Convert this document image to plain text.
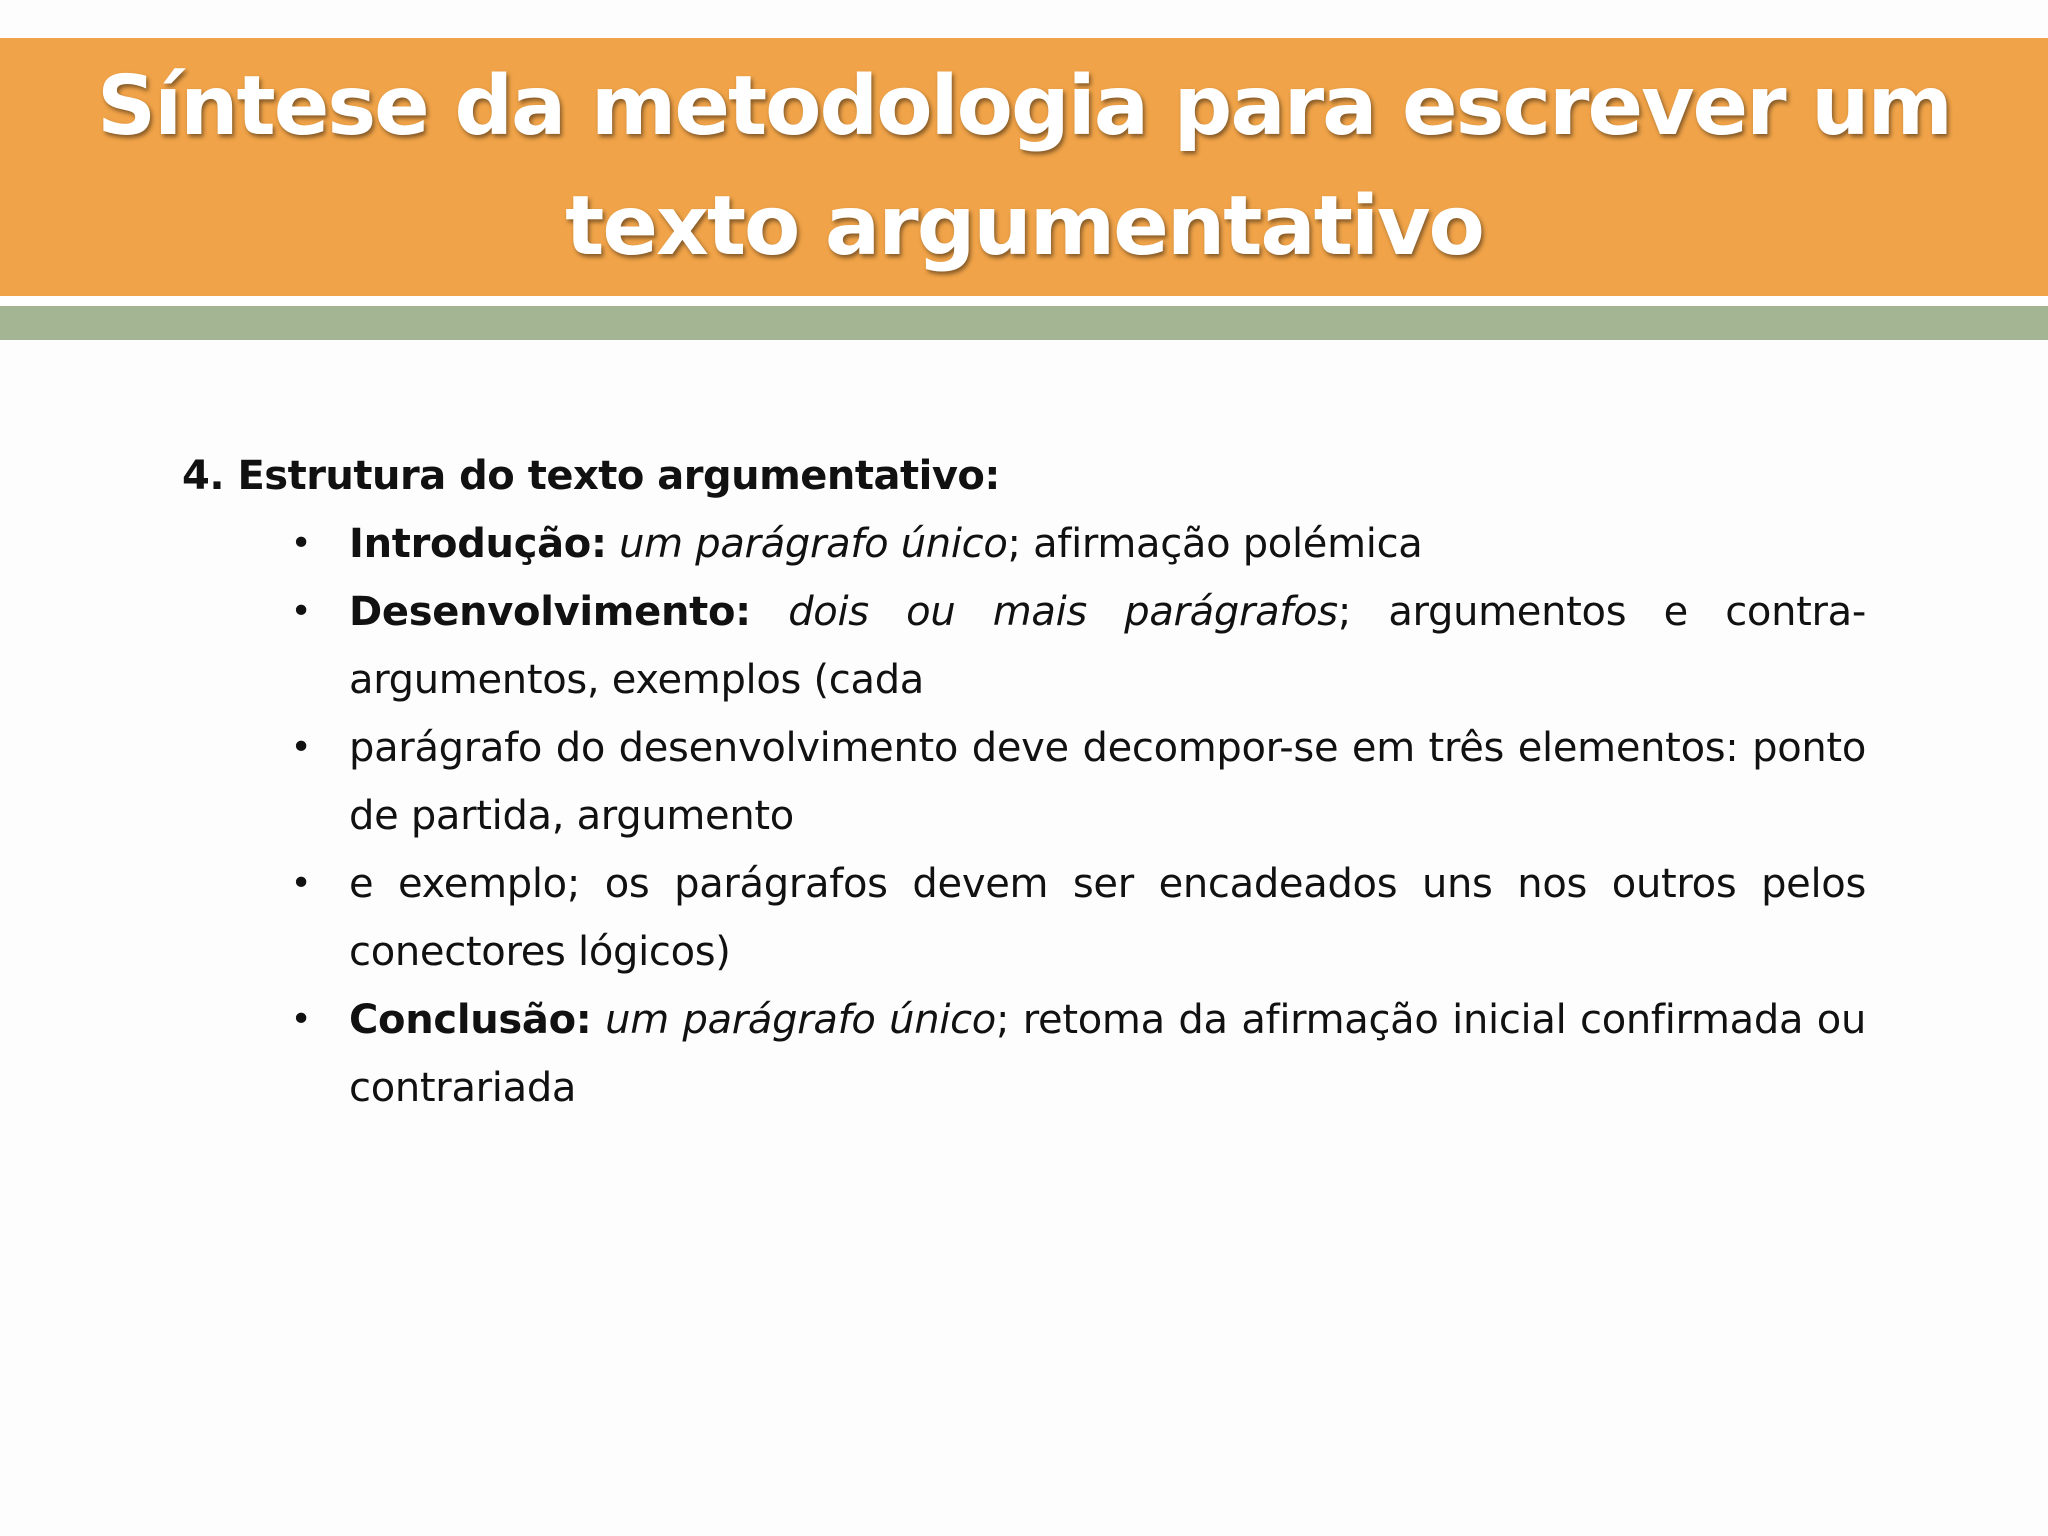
Síntese da metodologia para escrever um texto argumentativo

4. Estrutura do texto argumentativo:

• Introdução: um parágrafo único; afirmação polémica
• Desenvolvimento: dois ou mais parágrafos; argumentos e contra-argumentos, exemplos (cada
• parágrafo do desenvolvimento deve decompor-se em três elementos: ponto de partida, argumento
• e exemplo; os parágrafos devem ser encadeados uns nos outros pelos conectores lógicos)
• Conclusão: um parágrafo único; retoma da afirmação inicial confirmada ou contrariada
